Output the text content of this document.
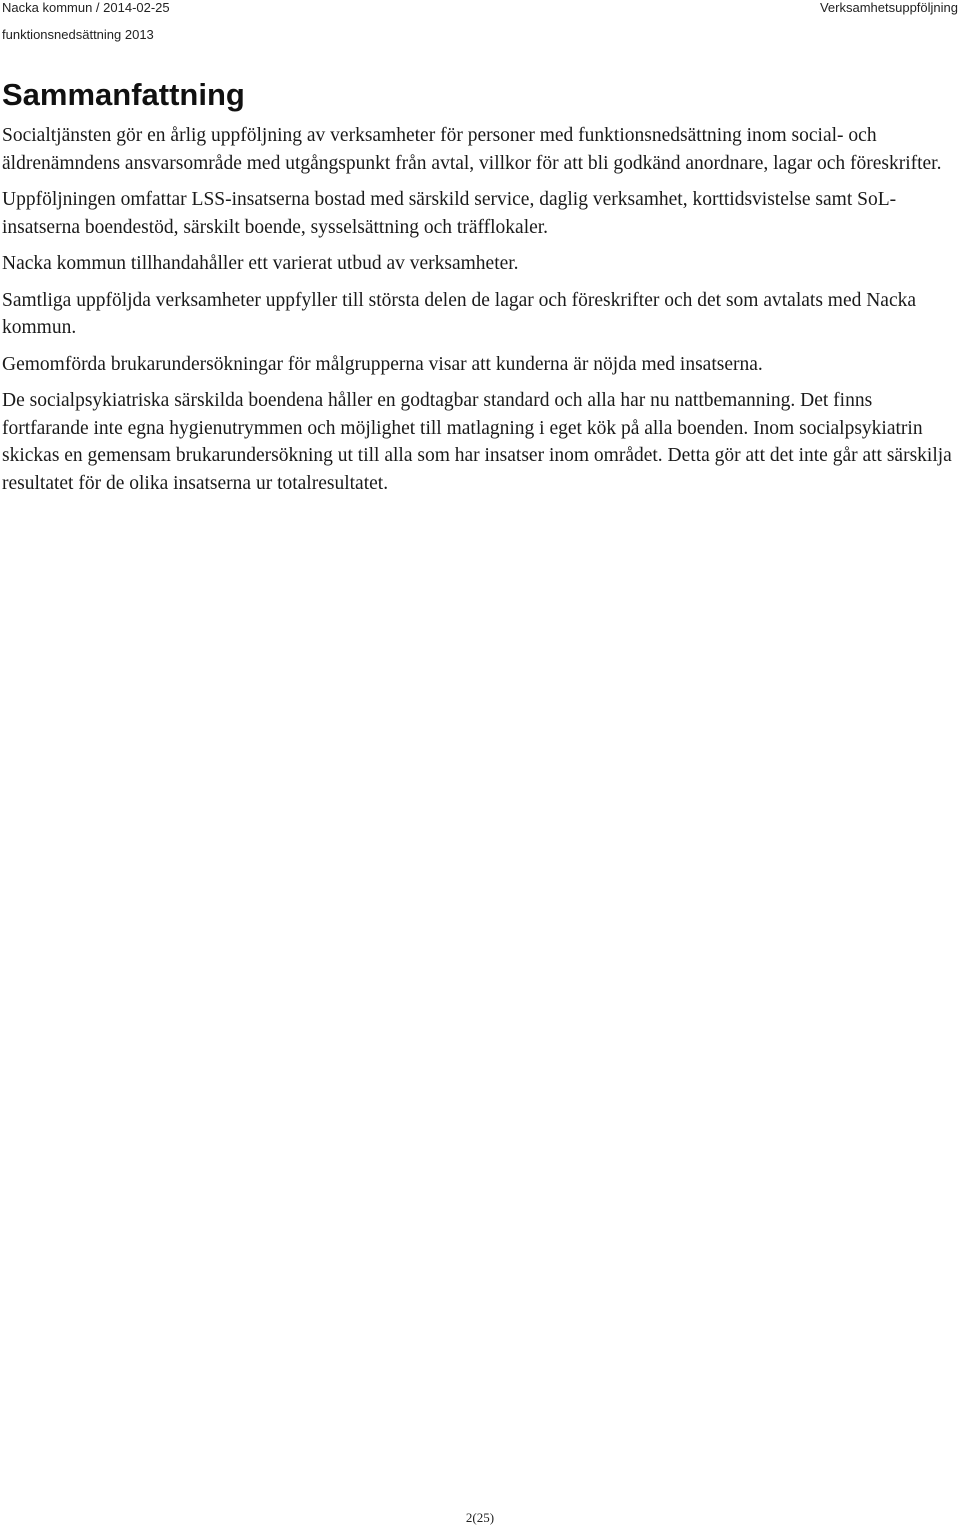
Nacka kommun / 2014-02-25
funktionsnedsättning 2013
Verksamhetsuppföljning
Sammanfattning

Socialtjänsten gör en årlig uppföljning av verksamheter för personer med funktionsnedsättning inom social- och äldrenämndens ansvarsområde med utgångspunkt från avtal, villkor för att bli godkänd anordnare, lagar och föreskrifter.

Uppföljningen omfattar LSS-insatserna bostad med särskild service, daglig verksamhet, korttidsvistelse samt SoL-insatserna boendestöd, särskilt boende, sysselsättning och träfflokaler.

Nacka kommun tillhandahåller ett varierat utbud av verksamheter.

Samtliga uppföljda verksamheter uppfyller till största delen de lagar och föreskrifter och det som avtalats med Nacka kommun.

Gemomförda brukarundersökningar för målgrupperna visar att kunderna är nöjda med insatserna.

De socialpsykiatriska särskilda boendena håller en godtagbar standard och alla har nu nattbemanning. Det finns fortfarande inte egna hygienutrymmen och möjlighet till matlagning i eget kök på alla boenden. Inom socialpsykiatrin skickas en gemensam brukarundersökning ut till alla som har insatser inom området. Detta gör att det inte går att särskilja resultatet för de olika insatserna ur totalresultatet.

2(25)
